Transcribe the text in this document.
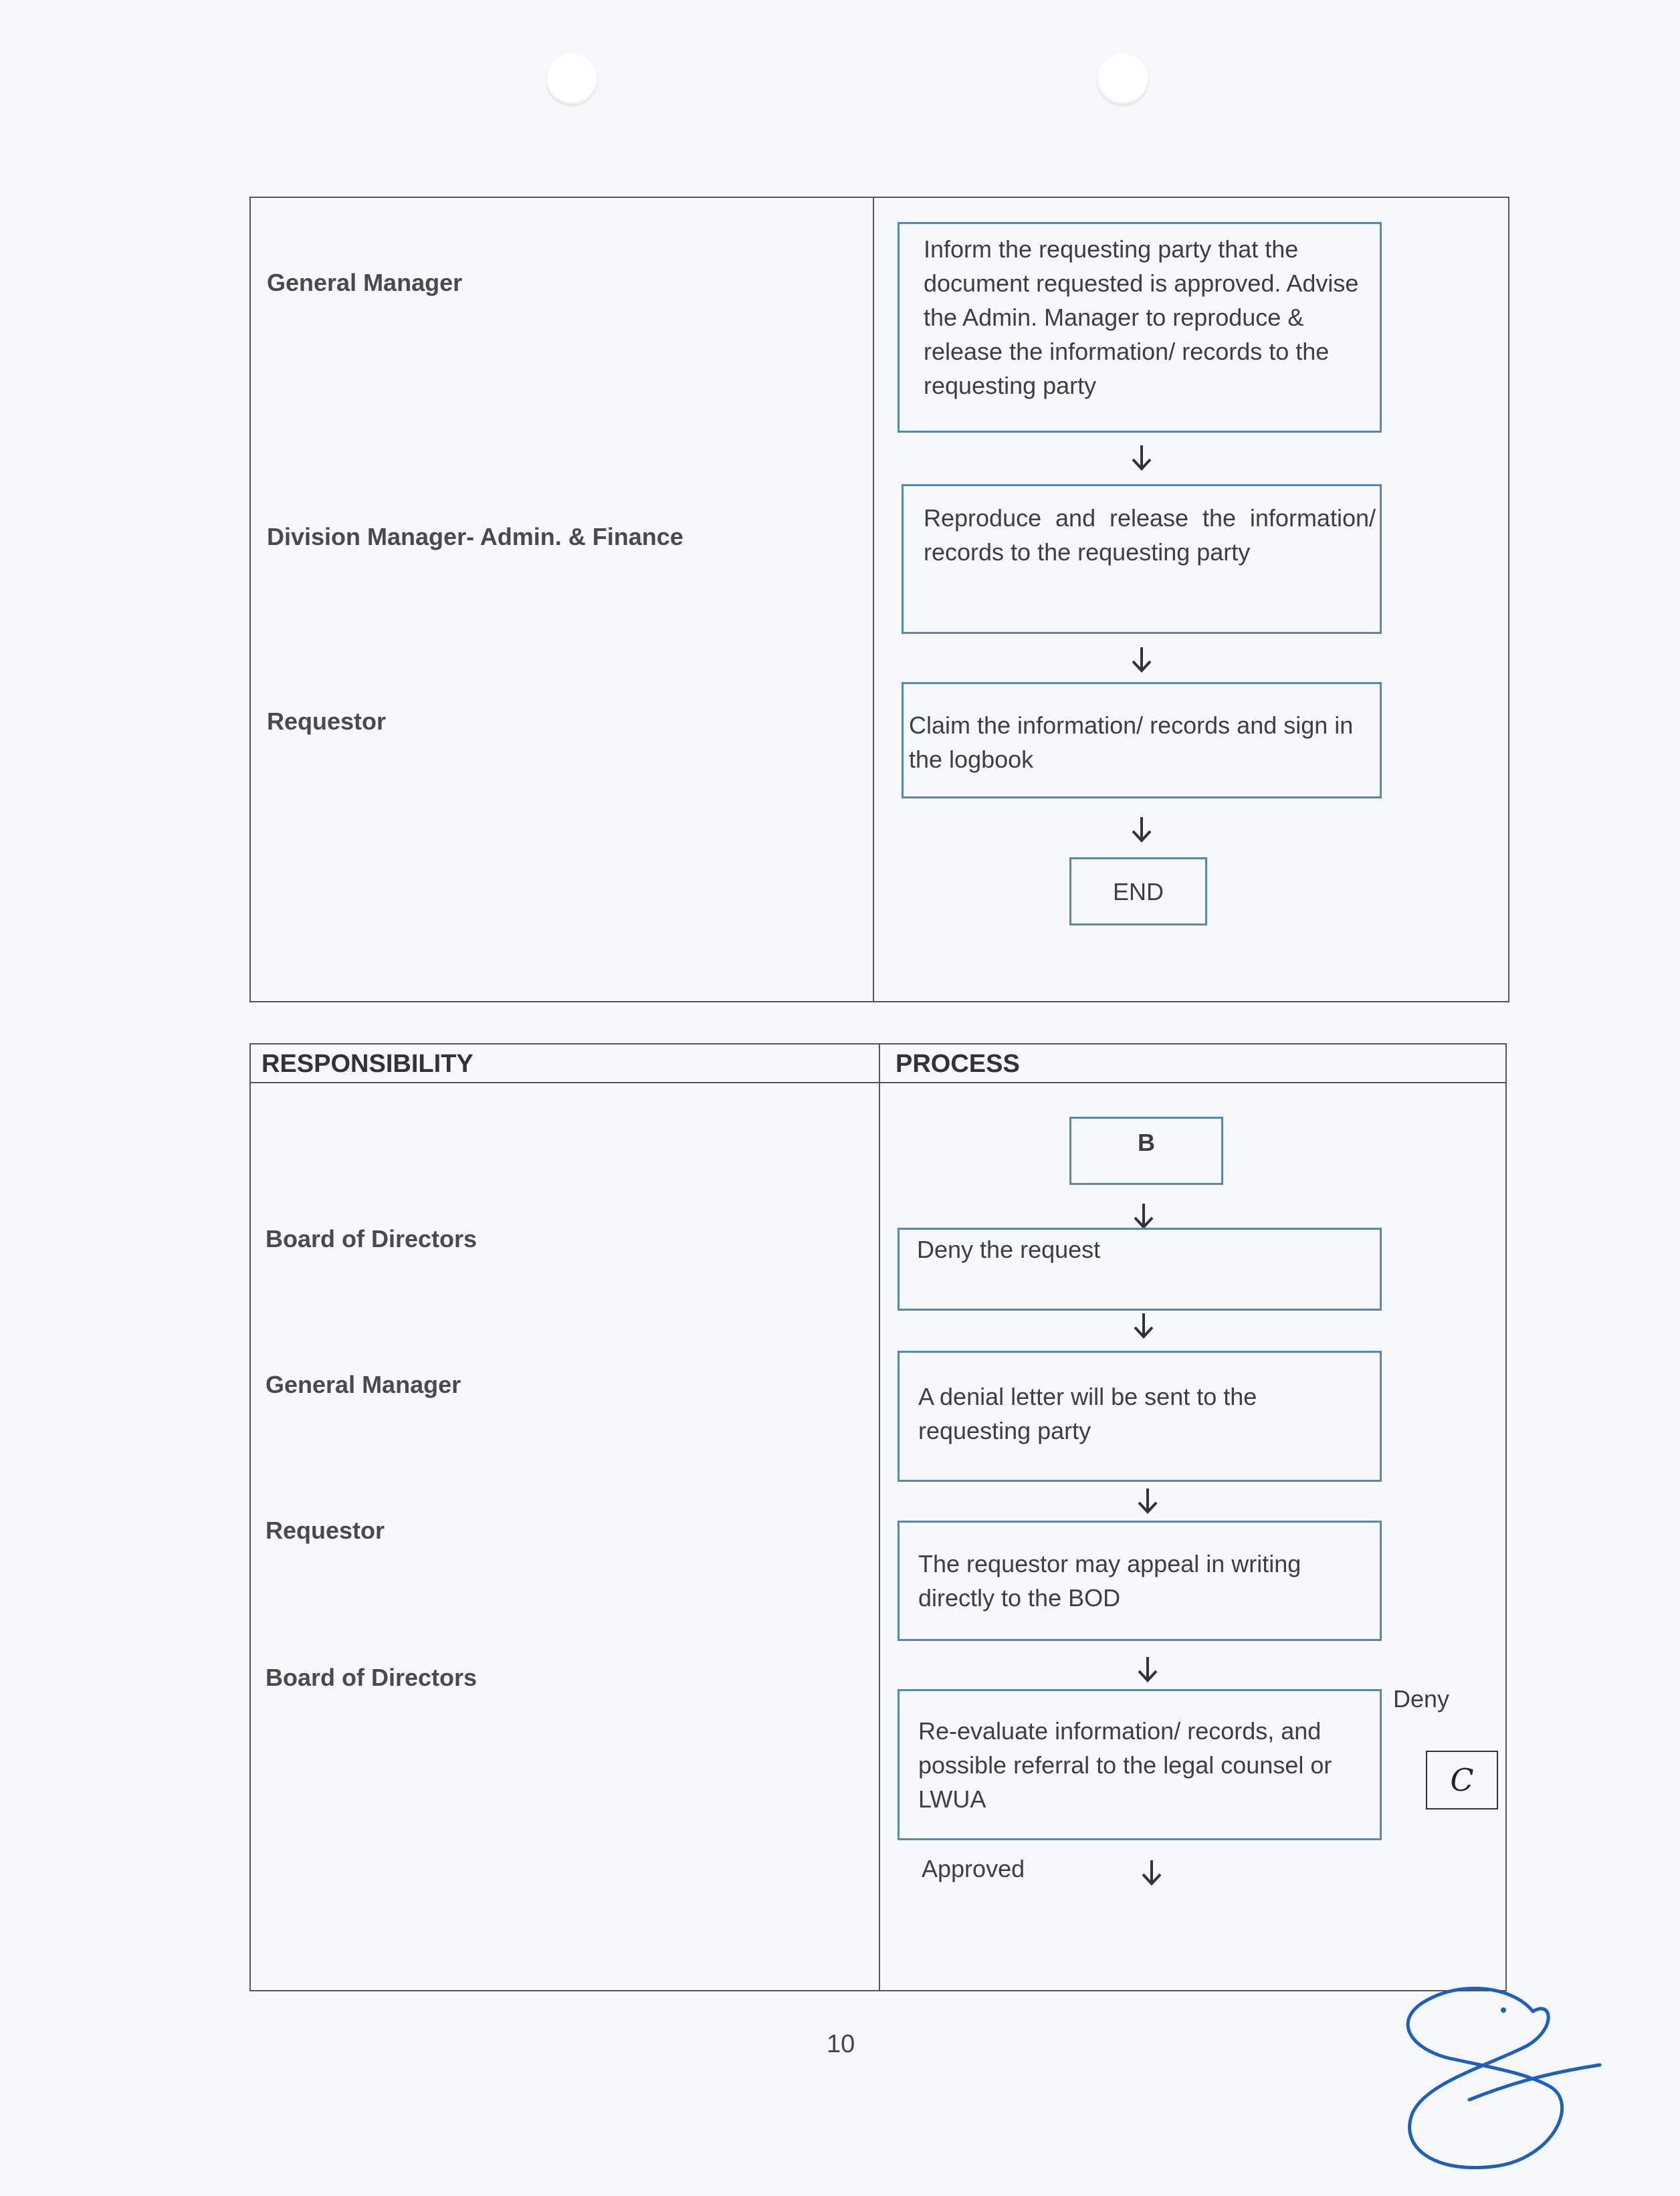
General Manager
Division Manager- Admin. & Finance
Requestor
Inform the requesting party that the document requested is approved. Advise the Admin. Manager to reproduce & release the information/ records to the requesting party
Reproduce and release the information/ records to the requesting party
Claim the information/ records and sign in the logbook
END
RESPONSIBILITY	PROCESS
Board of Directors
General Manager
Requestor
Board of Directors
B
Deny the request
A denial letter will be sent to the requesting party
The requestor may appeal in writing directly to the BOD
Re-evaluate information/ records, and possible referral to the legal counsel or LWUA
Approved
Deny
C
10
